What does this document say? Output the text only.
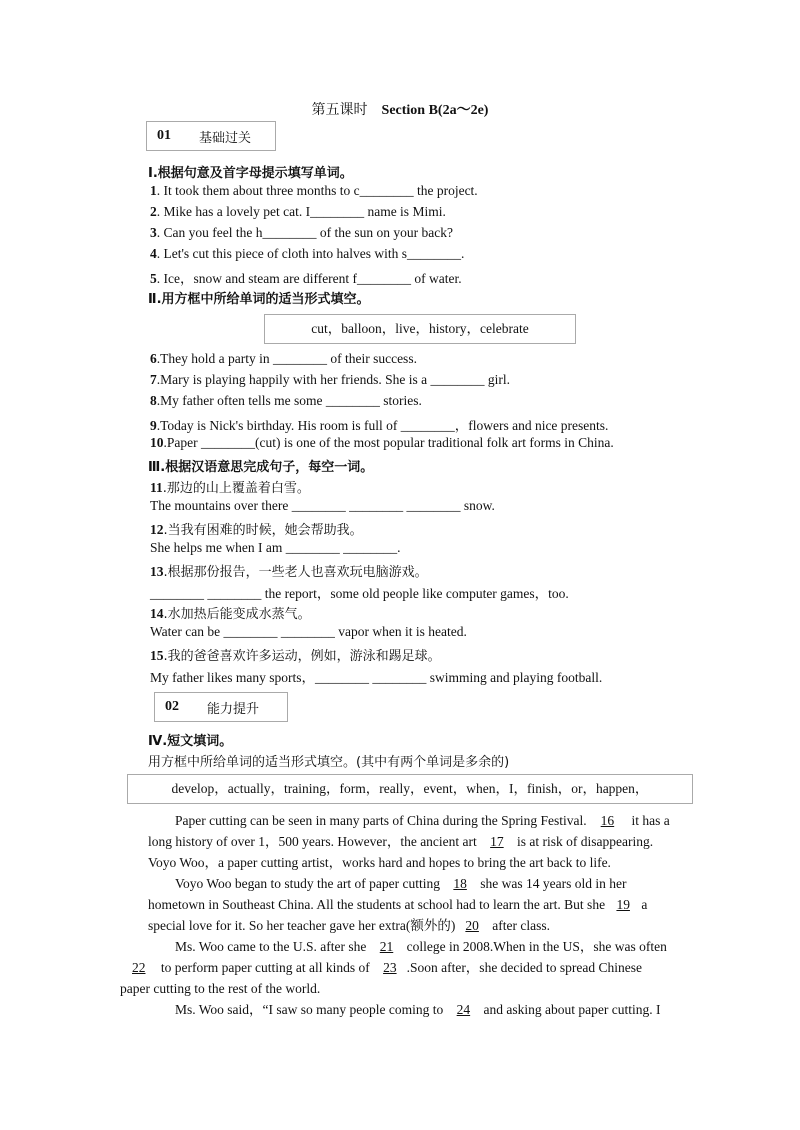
第五课时 Section B(2a～2e)
01 基础过关
Ⅰ.根据句意及首字母提示填写单词。
1. It took them about three months to c________ the project.
2. Mike has a lovely pet cat. I________ name is Mimi.
3. Can you feel the h________ of the sun on your back?
4. Let's cut this piece of cloth into halves with s________.
5. Ice，snow and steam are different f________ of water.
Ⅱ.用方框中所给单词的适当形式填空。
cut，balloon，live，history，celebrate
6.They hold a party in ________ of their success.
7.Mary is playing happily with her friends. She is a ________ girl.
8.My father often tells me some ________ stories.
9.Today is Nick's birthday. His room is full of ________，flowers and nice presents.
10.Paper ________(cut) is one of the most popular traditional folk art forms in China.
Ⅲ.根据汉语意思完成句子，每空一词。
11.那边的山上覆盖着白雪。
The mountains over there ________ ________ ________ snow.
12.当我有困难的时候，她会帮助我。
She helps me when I am ________ ________.
13.根据那份报告，一些老人也喜欢玩电脑游戏。
________ ________ the report，some old people like computer games，too.
14.水加热后能变成水蒸气。
Water can be ________ ________ vapor when it is heated.
15.我的爸爸喜欢许多运动，例如，游泳和踢足球。
My father likes many sports，________ ________ swimming and playing football.
02 能力提升
Ⅳ.短文填词。
用方框中所给单词的适当形式填空。(其中有两个单词是多余的)
develop，actually，training，form，really，event，when，I，finish，or，happen，
Paper cutting can be seen in many parts of China during the Spring Festival. 16 it has a
long history of over 1，500 years. However，the ancient art 17 is at risk of disappearing.
Voyo Woo，a paper cutting artist，works hard and hopes to bring the art back to life.
Voyo Woo began to study the art of paper cutting 18 she was 14 years old in her
hometown in Southeast China. All the students at school had to learn the art. But she 19 a
special love for it. So her teacher gave her extra(额外的) 20 after class.
Ms. Woo came to the U.S. after she 21 college in 2008.When in the US，she was often
22 to perform paper cutting at all kinds of 23 .Soon after，she decided to spread Chinese
paper cutting to the rest of the world.
Ms. Woo said，“I saw so many people coming to 24 and asking about paper cutting. I
